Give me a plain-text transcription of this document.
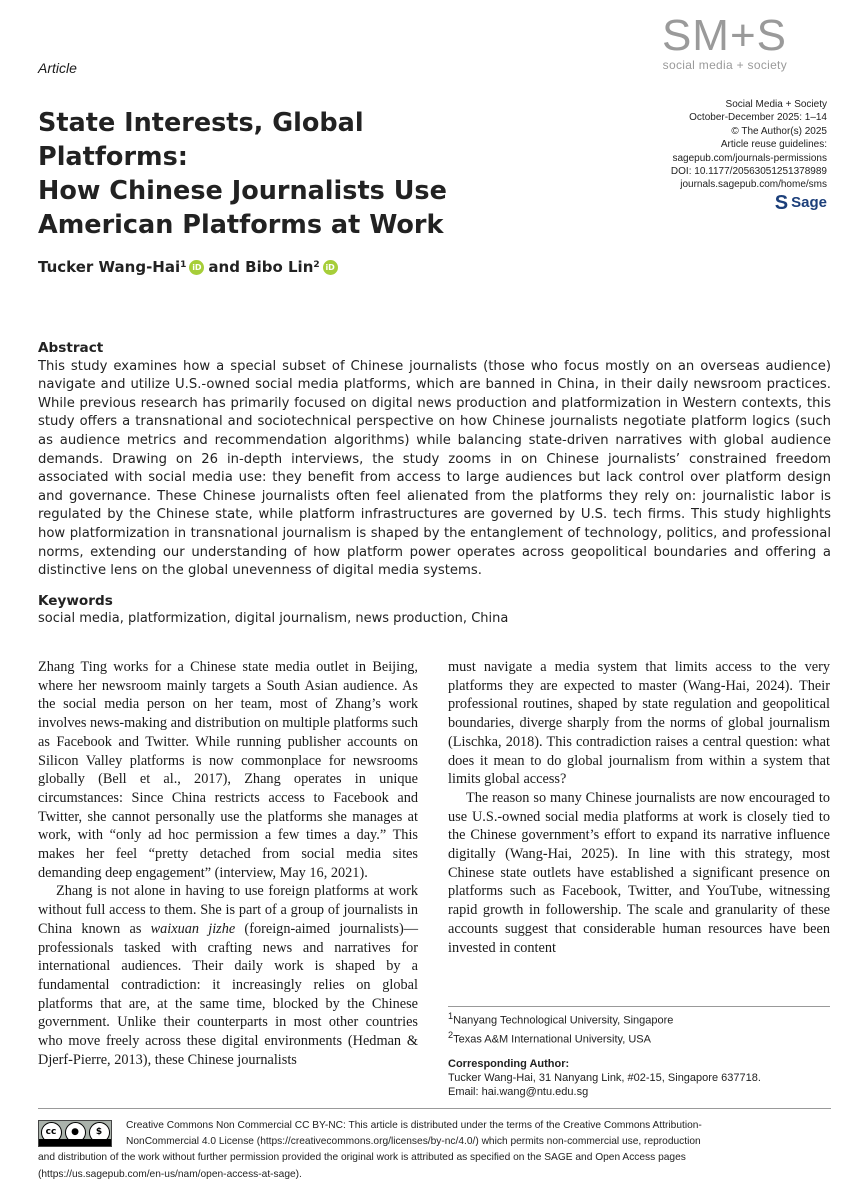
Article
SM+S
social media + society
Social Media + Society
October-December 2025: 1–14
© The Author(s) 2025
Article reuse guidelines:
sagepub.com/journals-permissions
DOI: 10.1177/20563051251378989
journals.sagepub.com/home/sms
S Sage
State Interests, Global Platforms:
How Chinese Journalists Use
American Platforms at Work
Tucker Wang-Hai$^1$ iD and Bibo Lin$^2$ iD
Abstract
This study examines how a special subset of Chinese journalists (those who focus mostly on an overseas audience) navigate and utilize U.S.-owned social media platforms, which are banned in China, in their daily newsroom practices. While previous research has primarily focused on digital news production and platformization in Western contexts, this study offers a transnational and sociotechnical perspective on how Chinese journalists negotiate platform logics (such as audience metrics and recommendation algorithms) while balancing state-driven narratives with global audience demands. Drawing on 26 in-depth interviews, the study zooms in on Chinese journalists’ constrained freedom associated with social media use: they benefit from access to large audiences but lack control over platform design and governance. These Chinese journalists often feel alienated from the platforms they rely on: journalistic labor is regulated by the Chinese state, while platform infrastructures are governed by U.S. tech firms. This study highlights how platformization in transnational journalism is shaped by the entanglement of technology, politics, and professional norms, extending our understanding of how platform power operates across geopolitical boundaries and offering a distinctive lens on the global unevenness of digital media systems.
Keywords
social media, platformization, digital journalism, news production, China

Zhang Ting works for a Chinese state media outlet in Beijing, where her newsroom mainly targets a South Asian audience. As the social media person on her team, most of Zhang’s work involves news-making and distribution on multiple platforms such as Facebook and Twitter. While running publisher accounts on Silicon Valley platforms is now commonplace for newsrooms globally (Bell et al., 2017), Zhang operates in unique circumstances: Since China restricts access to Facebook and Twitter, she cannot personally use the platforms she manages at work, with “only ad hoc permission a few times a day.” This makes her feel “pretty detached from social media sites demanding deep engagement” (interview, May 16, 2021).

Zhang is not alone in having to use foreign platforms at work without full access to them. She is part of a group of journalists in China known as waixuan jizhe (foreign-aimed journalists)—professionals tasked with crafting news and narratives for international audiences. Their daily work is shaped by a fundamental contradiction: it increasingly relies on global platforms that are, at the same time, blocked by the Chinese government. Unlike their counterparts in most other countries who move freely across these digital environments (Hedman & Djerf-Pierre, 2013), these Chinese journalists

must navigate a media system that limits access to the very platforms they are expected to master (Wang-Hai, 2024). Their professional routines, shaped by state regulation and geopolitical boundaries, diverge sharply from the norms of global journalism (Lischka, 2018). This contradiction raises a central question: what does it mean to do global journalism from within a system that limits global access?

The reason so many Chinese journalists are now encouraged to use U.S.-owned social media platforms at work is closely tied to the Chinese government’s effort to expand its narrative influence digitally (Wang-Hai, 2025). In line with this strategy, most Chinese state outlets have established a significant presence on platforms such as Facebook, Twitter, and YouTube, witnessing rapid growth in followership. The scale and granularity of these accounts suggest that considerable human resources have been invested in content

$^1$Nanyang Technological University, Singapore
$^2$Texas A&M International University, USA
Corresponding Author:
Tucker Wang-Hai, 31 Nanyang Link, #02-15, Singapore 637718.
Email: hai.wang@ntu.edu.sg
cc	●	$
Creative Commons Non Commercial CC BY-NC: This article is distributed under the terms of the Creative Commons Attribution-
NonCommercial 4.0 License (https://creativecommons.org/licenses/by-nc/4.0/) which permits non-commercial use, reproduction
and distribution of the work without further permission provided the original work is attributed as specified on the SAGE and Open Access pages
(https://us.sagepub.com/en-us/nam/open-access-at-sage).
